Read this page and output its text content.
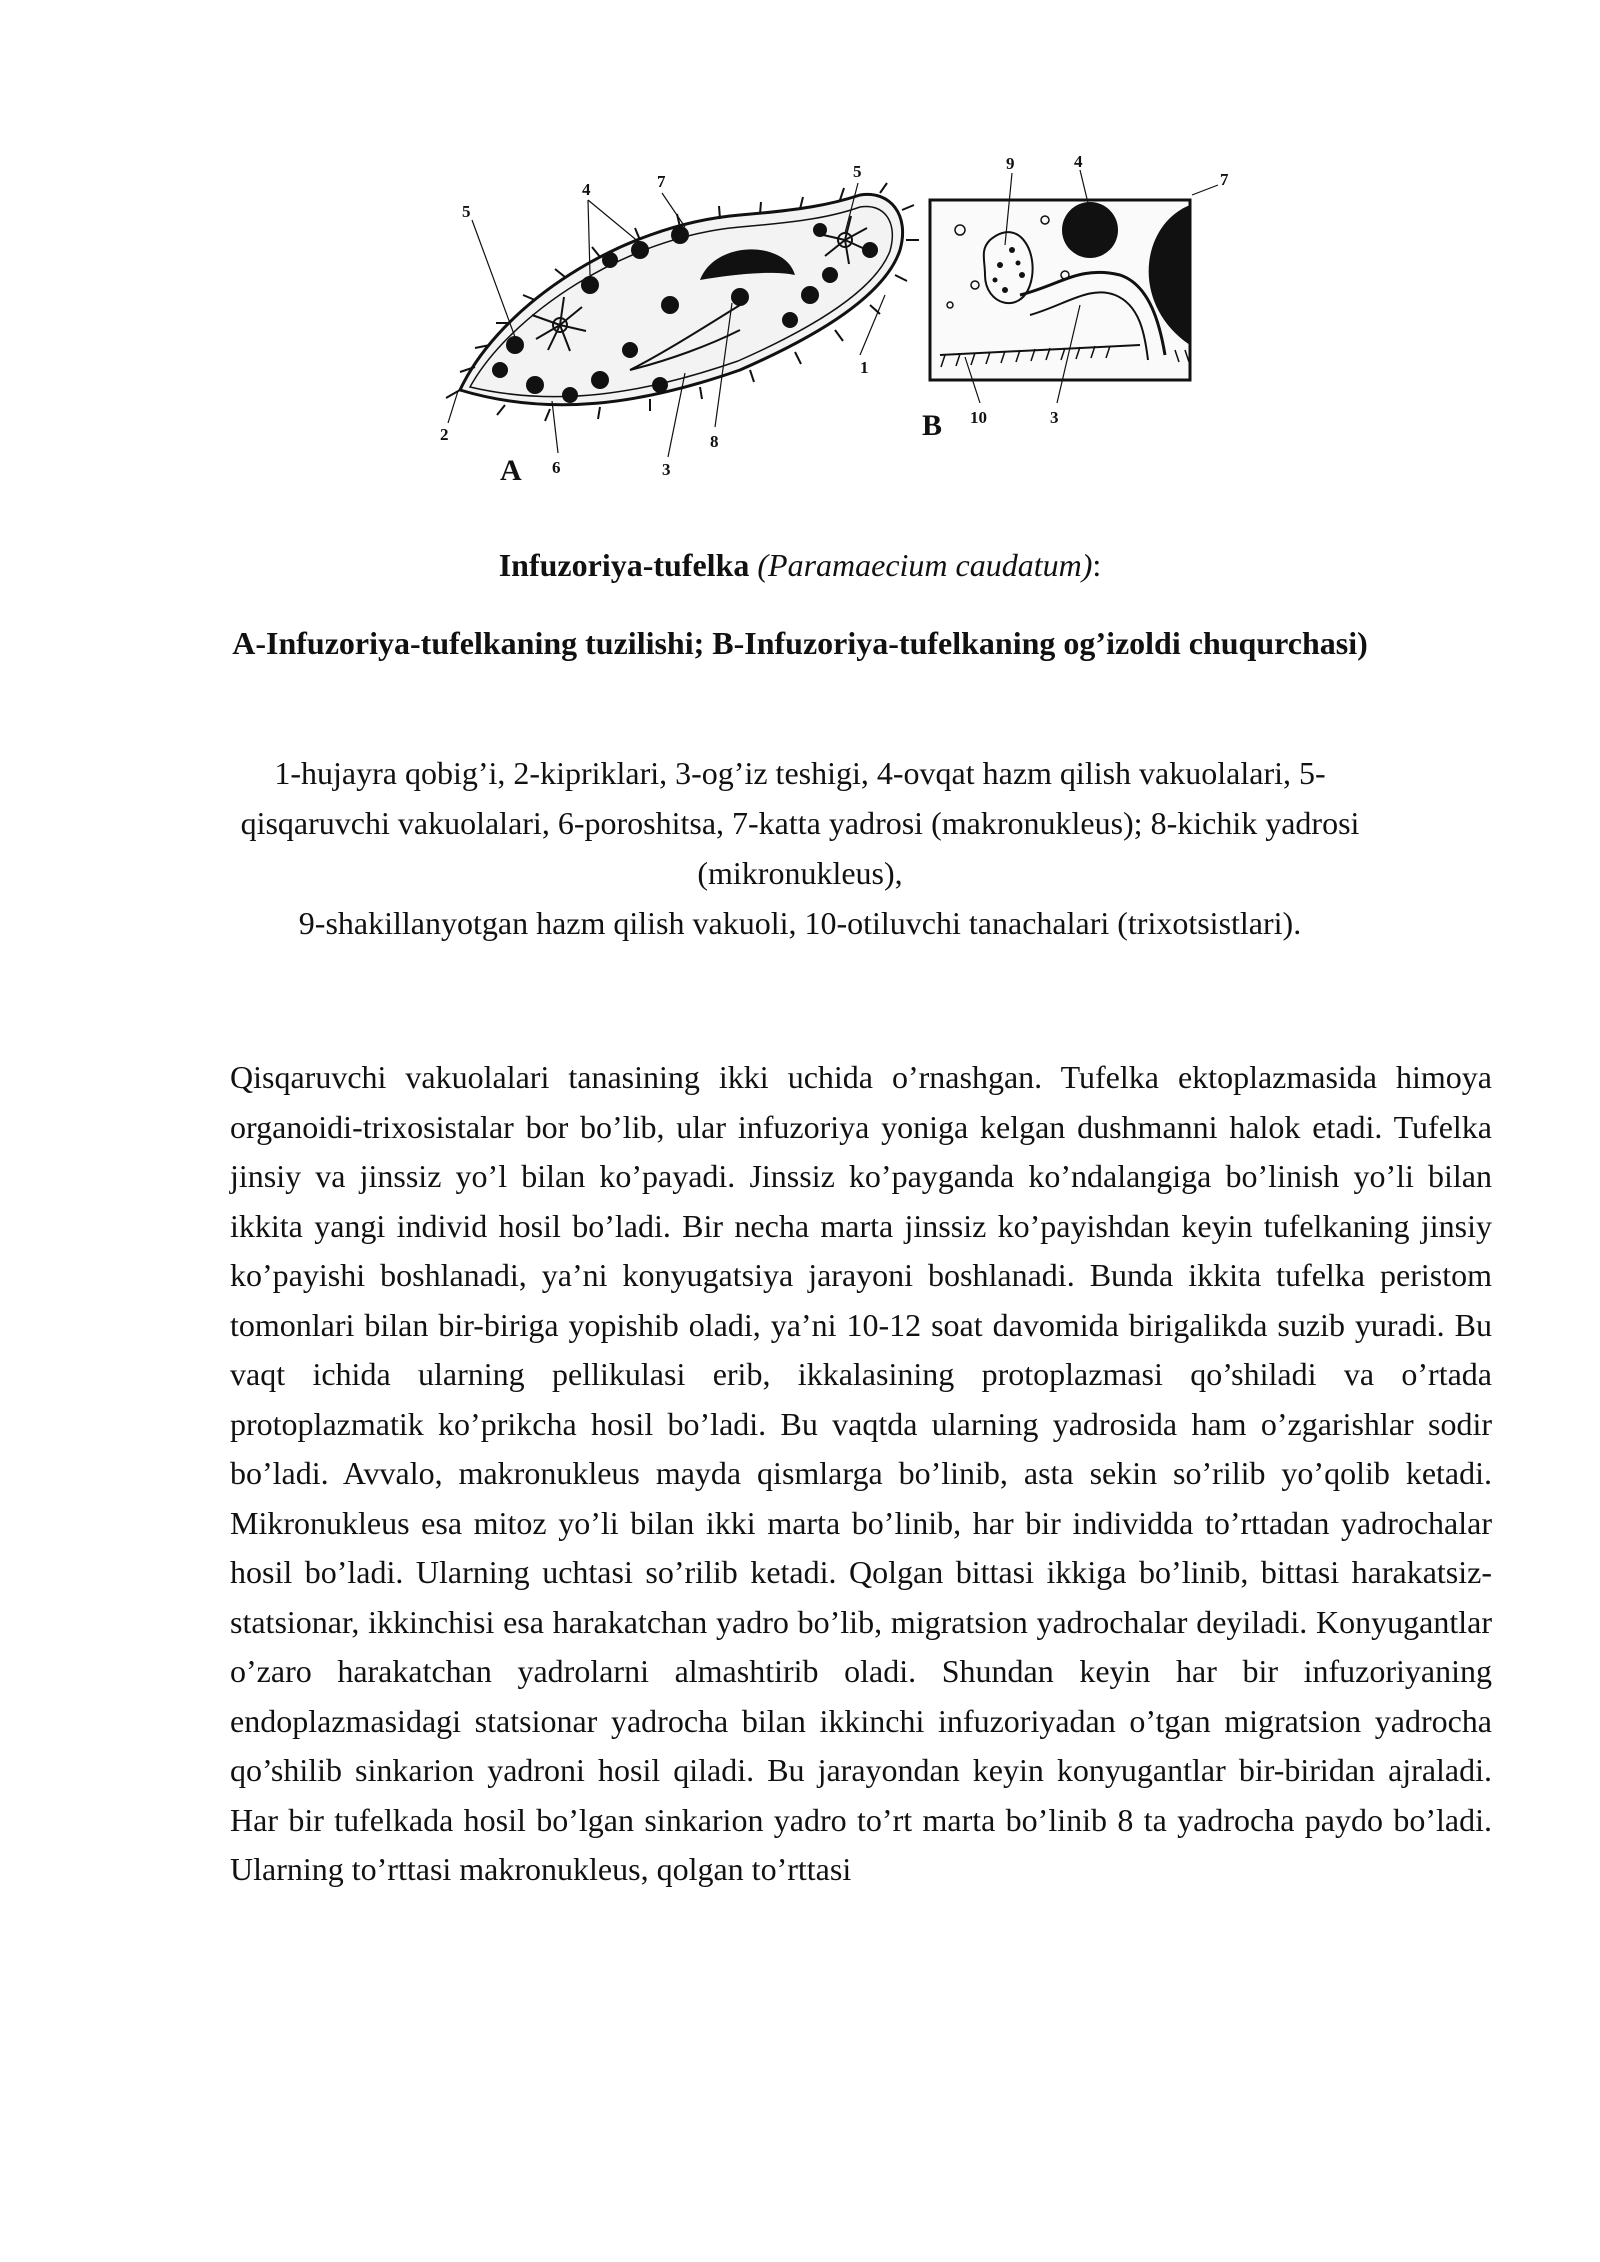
5
4	7
5
1
2
6	3
8
A
9	4
7
10	3
B

Infuzoriya-tufelka (Paramaecium caudatum):

A-Infuzoriya-tufelkaning tuzilishi; B-Infuzoriya-tufelkaning og’izoldi chuqurchasi)

1-hujayra qobig’i, 2-kipriklari, 3-og’iz teshigi, 4-ovqat hazm qilish vakuolalari, 5-qisqaruvchi vakuolalari, 6-poroshitsa, 7-katta yadrosi (makronukleus); 8-kichik yadrosi (mikronukleus),
9-shakillanyotgan hazm qilish vakuoli, 10-otiluvchi tanachalari (trixotsistlari).

Qisqaruvchi vakuolalari tanasining ikki uchida o’rnashgan. Tufelka ektoplazmasida himoya organoidi-trixosistalar bor bo’lib, ular infuzoriya yoniga kelgan dushmanni halok etadi. Tufelka jinsiy va jinssiz yo’l bilan ko’payadi. Jinssiz ko’payganda ko’ndalangiga bo’linish yo’li bilan ikkita yangi individ hosil bo’ladi. Bir necha marta jinssiz ko’payishdan keyin tufelkaning jinsiy ko’payishi boshlanadi, ya’ni konyugatsiya jarayoni boshlanadi. Bunda ikkita tufelka peristom tomonlari bilan bir-biriga yopishib oladi, ya’ni 10-12 soat davomida birigalikda suzib yuradi. Bu vaqt ichida ularning pellikulasi erib, ikkalasining protoplazmasi qo’shiladi va o’rtada protoplazmatik ko’prikcha hosil bo’ladi. Bu vaqtda ularning yadrosida ham o’zgarishlar sodir bo’ladi. Avvalo, makronukleus mayda qismlarga bo’linib, asta sekin so’rilib yo’qolib ketadi. Mikronukleus esa mitoz yo’li bilan ikki marta bo’linib, har bir individda to’rttadan yadrochalar hosil bo’ladi. Ularning uchtasi so’rilib ketadi. Qolgan bittasi ikkiga bo’linib, bittasi harakatsiz-statsionar, ikkinchisi esa harakatchan yadro bo’lib, migratsion yadrochalar deyiladi. Konyugantlar o’zaro harakatchan yadrolarni almashtirib oladi. Shundan keyin har bir infuzoriyaning endoplazmasidagi statsionar yadrocha bilan ikkinchi infuzoriyadan o’tgan migratsion yadrocha qo’shilib sinkarion yadroni hosil qiladi. Bu jarayondan keyin konyugantlar bir-biridan ajraladi. Har bir tufelkada hosil bo’lgan sinkarion yadro to’rt marta bo’linib 8 ta yadrocha paydo bo’ladi. Ularning to’rttasi makronukleus, qolgan to’rttasi
